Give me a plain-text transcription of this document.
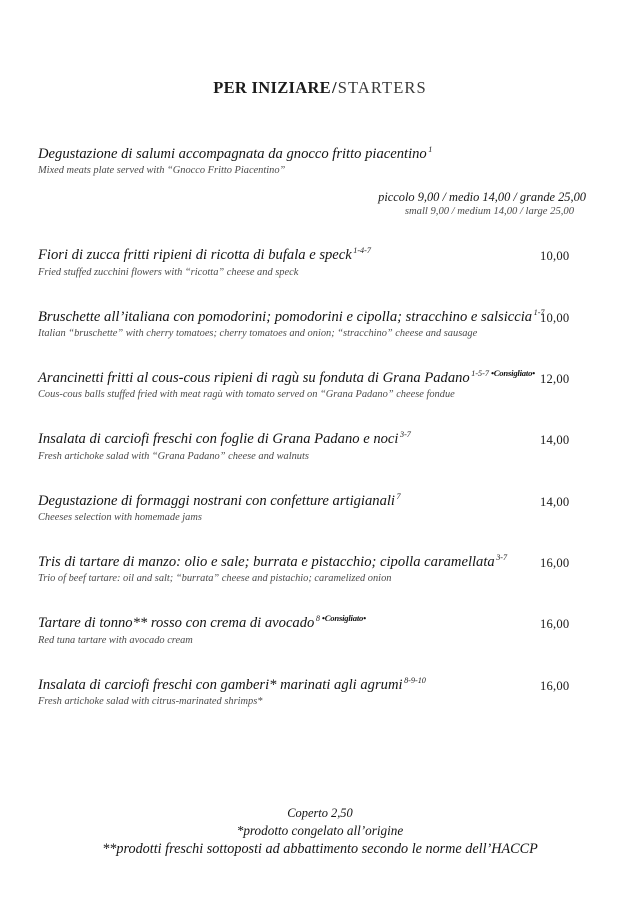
PER INIZIARE/STARTERS
Degustazione di salumi accompagnata da gnocco fritto piacentino $^1$
Mixed meats plate served with “Gnocco Fritto Piacentino”
piccolo 9,00 / medio 14,00 / grande 25,00
small 9,00 / medium 14,00 / large 25,00
Fiori di zucca fritti ripieni di ricotta di bufala e speck $^{1-4-7}$
Fried stuffed zucchini flowers with “ricotta” cheese and speck
10,00
Bruschette all’italiana con pomodorini; pomodorini e cipolla; stracchino e salsiccia $^{1-7}$
Italian “bruschette” with cherry tomatoes; cherry tomatoes and onion; “stracchino” cheese and sausage
10,00
Arancinetti fritti al cous-cous ripieni di ragù su fonduta di Grana Padano $^{1-5-7}$ $^{•Consigliato•}$
Cous-cous balls stuffed fried with meat ragù with tomato served on “Grana Padano” cheese fondue
12,00
Insalata di carciofi freschi con foglie di Grana Padano e noci $^{3-7}$
Fresh artichoke salad with “Grana Padano” cheese and walnuts
14,00
Degustazione di formaggi nostrani con confetture artigianali $^7$
Cheeses selection with homemade jams
14,00
Tris di tartare di manzo: olio e sale; burrata e pistacchio; cipolla caramellata $^{3-7}$
Trio of beef tartare: oil and salt; “burrata” cheese and pistachio; caramelized onion
16,00
Tartare di tonno** rosso con crema di avocado $^8$ $^{•Consigliato•}$
Red tuna tartare with avocado cream
16,00
Insalata di carciofi freschi con gamberi* marinati agli agrumi $^{8-9-10}$
Fresh artichoke salad with citrus-marinated shrimps*
16,00
Coperto 2,50
*prodotto congelato all’origine
**prodotti freschi sottoposti ad abbattimento secondo le norme dell’HACCP
